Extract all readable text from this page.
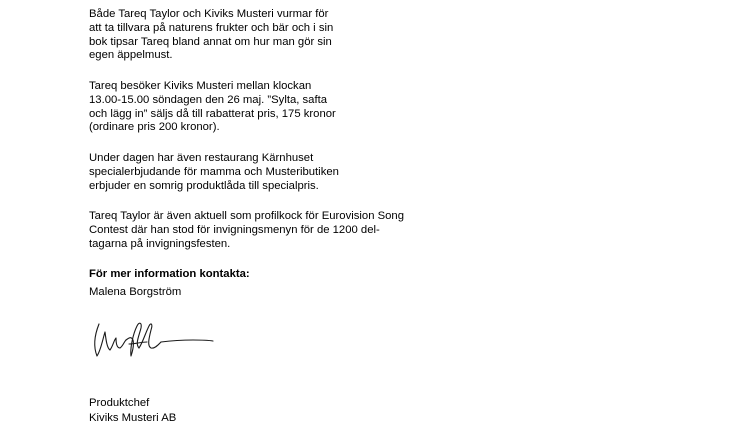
Både Tareq Taylor och Kiviks Musteri vurmar för

att ta tillvara på naturens frukter och bär och i sin

bok tipsar Tareq bland annat om hur man gör sin

egen äppelmust.

Tareq besöker Kiviks Musteri mellan klockan

13.00-15.00 söndagen den 26 maj. ”Sylta, safta

och lägg in” säljs då till rabatterat pris, 175 kronor

(ordinare pris 200 kronor).

Under dagen har även restaurang Kärnhuset

specialerbjudande för mamma och Musteributiken

erbjuder en somrig produktlåda till specialpris.

Tareq Taylor är även aktuell som profilkock för Eurovision Song

Contest där han stod för invigningsmenyn för de 1200 del-

tagarna på invigningsfesten.

För mer information kontakta:

Malena Borgström

Produktchef

Kiviks Musteri AB
